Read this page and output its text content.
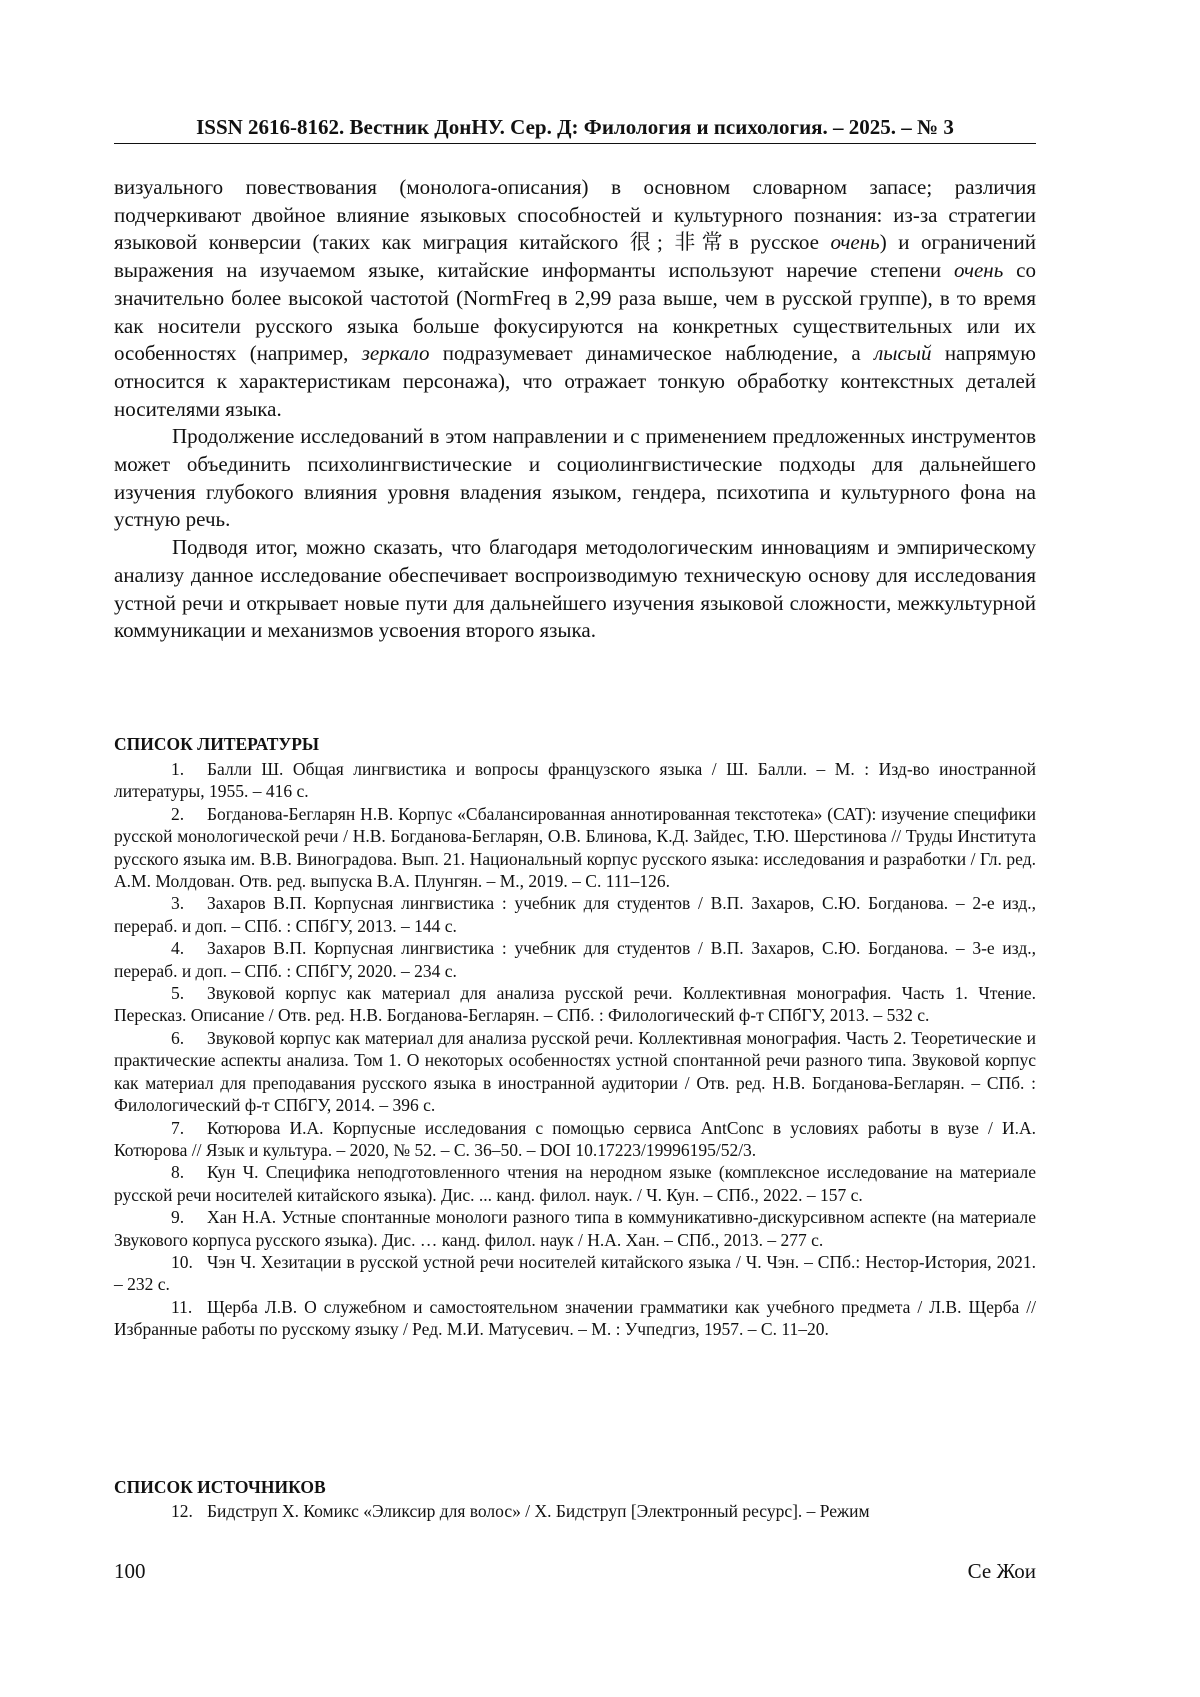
ISSN 2616-8162. Вестник ДонНУ. Сер. Д: Филология и психология. – 2025. – № 3

визуального повествования (монолога-описания) в основном словарном запасе; различия подчеркивают двойное влияние языковых способностей и культурного познания: из-за стратегии языковой конверсии (таких как миграция китайского 很; 非常в русское очень) и ограничений выражения на изучаемом языке, китайские информанты используют наречие степени очень со значительно более высокой частотой (NormFreq в 2,99 раза выше, чем в русской группе), в то время как носители русского языка больше фокусируются на конкретных существительных или их особенностях (например, зеркало подразумевает динамическое наблюдение, а лысый напрямую относится к характеристикам персонажа), что отражает тонкую обработку контекстных деталей носителями языка.

Продолжение исследований в этом направлении и с применением предложенных инструментов может объединить психолингвистические и социолингвистические подходы для дальнейшего изучения глубокого влияния уровня владения языком, гендера, психотипа и культурного фона на устную речь.

Подводя итог, можно сказать, что благодаря методологическим инновациям и эмпирическому анализу данное исследование обеспечивает воспроизводимую техническую основу для исследования устной речи и открывает новые пути для дальнейшего изучения языковой сложности, межкультурной коммуникации и механизмов усвоения второго языка.

СПИСОК ЛИТЕРАТУРЫ

1. Балли Ш. Общая лингвистика и вопросы французского языка / Ш. Балли. – М. : Изд-во иностранной литературы, 1955. – 416 с.

2. Богданова-Бегларян Н.В. Корпус «Сбалансированная аннотированная текстотека» (САТ): изучение специфики русской монологической речи / Н.В. Богданова-Бегларян, О.В. Блинова, К.Д. Зайдес, Т.Ю. Шерстинова // Труды Института русского языка им. В.В. Виноградова. Вып. 21. Национальный корпус русского языка: исследования и разработки / Гл. ред. А.М. Молдован. Отв. ред. выпуска В.А. Плунгян. – М., 2019. – С. 111–126.

3. Захаров В.П. Корпусная лингвистика : учебник для студентов / В.П. Захаров, С.Ю. Богданова. – 2-е изд., перераб. и доп. – СПб. : СПбГУ, 2013. – 144 с.

4. Захаров В.П. Корпусная лингвистика : учебник для студентов / В.П. Захаров, С.Ю. Богданова. – 3-е изд., перераб. и доп. – СПб. : СПбГУ, 2020. – 234 с.

5. Звуковой корпус как материал для анализа русской речи. Коллективная монография. Часть 1. Чтение. Пересказ. Описание / Отв. ред. Н.В. Богданова-Бегларян. – СПб. : Филологический ф-т СПбГУ, 2013. – 532 с.

6. Звуковой корпус как материал для анализа русской речи. Коллективная монография. Часть 2. Теоретические и практические аспекты анализа. Том 1. О некоторых особенностях устной спонтанной речи разного типа. Звуковой корпус как материал для преподавания русского языка в иностранной аудитории / Отв. ред. Н.В. Богданова-Бегларян. – СПб. : Филологический ф-т СПбГУ, 2014. – 396 с.

7. Котюрова И.А. Корпусные исследования с помощью сервиса AntConc в условиях работы в вузе / И.А. Котюрова // Язык и культура. – 2020, № 52. – С. 36–50. – DOI 10.17223/19996195/52/3.

8. Кун Ч. Специфика неподготовленного чтения на неродном языке (комплексное исследование на материале русской речи носителей китайского языка). Дис. ... канд. филол. наук. / Ч. Кун. – СПб., 2022. – 157 с.

9. Хан Н.А. Устные спонтанные монологи разного типа в коммуникативно-дискурсивном аспекте (на материале Звукового корпуса русского языка). Дис. … канд. филол. наук / Н.А. Хан. – СПб., 2013. – 277 с.

10. Чэн Ч. Хезитации в русской устной речи носителей китайского языка / Ч. Чэн. – СПб.: Нестор-История, 2021. – 232 с.

11. Щерба Л.В. О служебном и самостоятельном значении грамматики как учебного предмета / Л.В. Щерба // Избранные работы по русскому языку / Ред. М.И. Матусевич. – М. : Учпедгиз, 1957. – С. 11–20.

СПИСОК ИСТОЧНИКОВ

12. Бидструп Х. Комикс «Эликсир для волос» / Х. Бидструп [Электронный ресурс]. – Режим

100	Се Жои
